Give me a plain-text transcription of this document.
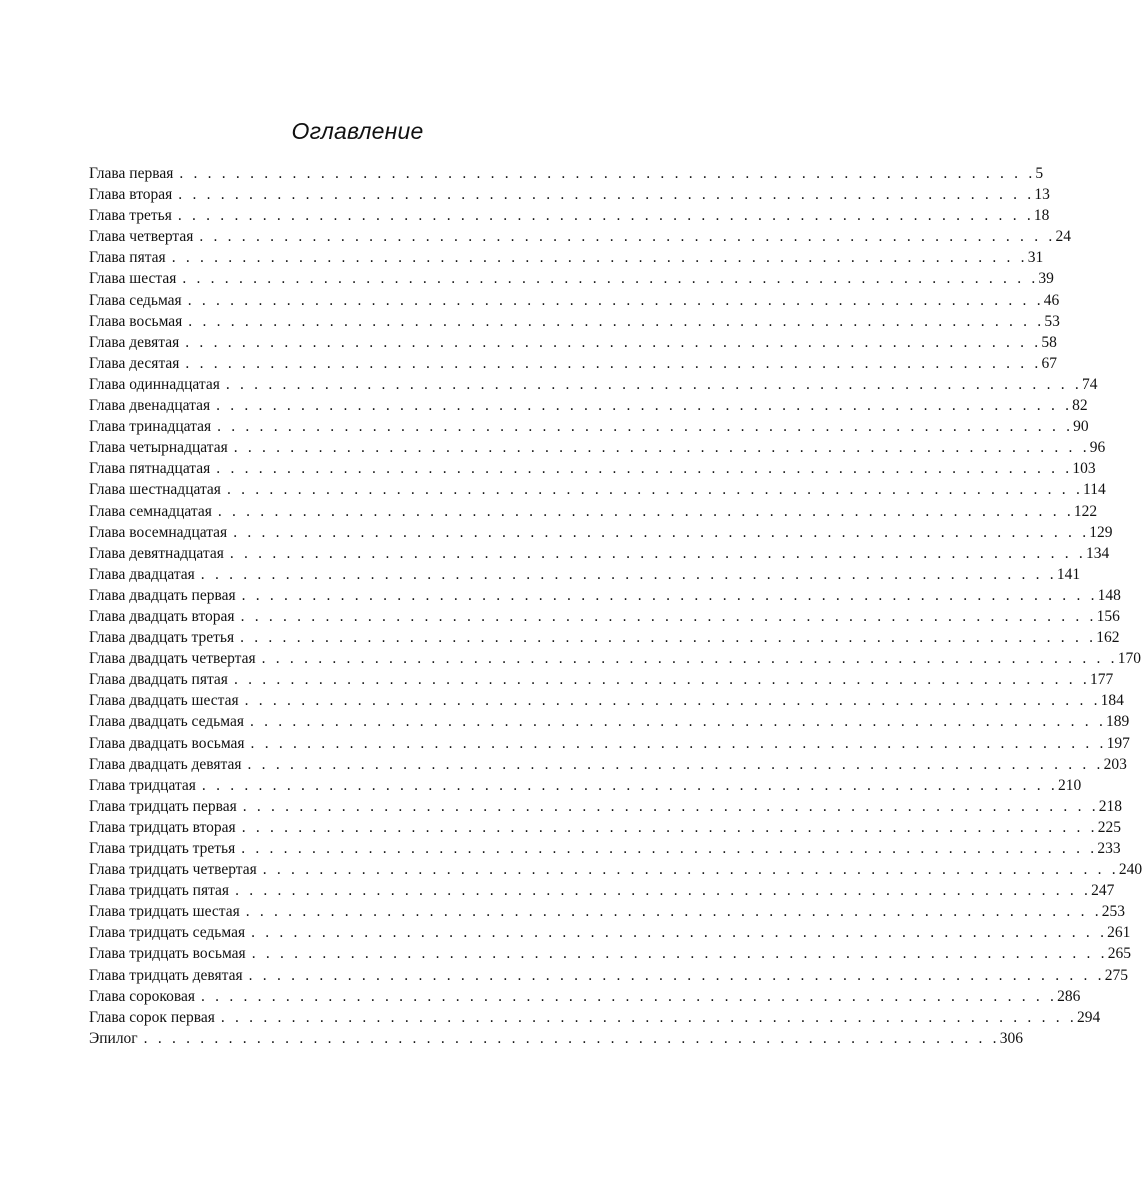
Оглавление
Глава первая . . . . . . . . . . . . . . . . . . . . . . . . . . . . . . . . . . . . . . . . . . . . . . . . . . . . . . . . . . . . . 5
Глава вторая . . . . . . . . . . . . . . . . . . . . . . . . . . . . . . . . . . . . . . . . . . . . . . . . . . . . . . . . . . . . . 13
Глава третья . . . . . . . . . . . . . . . . . . . . . . . . . . . . . . . . . . . . . . . . . . . . . . . . . . . . . . . . . . . . . 18
Глава четвертая . . . . . . . . . . . . . . . . . . . . . . . . . . . . . . . . . . . . . . . . . . . . . . . . . . . . . . . . . . . . . 24
Глава пятая . . . . . . . . . . . . . . . . . . . . . . . . . . . . . . . . . . . . . . . . . . . . . . . . . . . . . . . . . . . . . 31
Глава шестая . . . . . . . . . . . . . . . . . . . . . . . . . . . . . . . . . . . . . . . . . . . . . . . . . . . . . . . . . . . . . 39
Глава седьмая . . . . . . . . . . . . . . . . . . . . . . . . . . . . . . . . . . . . . . . . . . . . . . . . . . . . . . . . . . . . . 46
Глава восьмая . . . . . . . . . . . . . . . . . . . . . . . . . . . . . . . . . . . . . . . . . . . . . . . . . . . . . . . . . . . . . 53
Глава девятая . . . . . . . . . . . . . . . . . . . . . . . . . . . . . . . . . . . . . . . . . . . . . . . . . . . . . . . . . . . . . 58
Глава десятая . . . . . . . . . . . . . . . . . . . . . . . . . . . . . . . . . . . . . . . . . . . . . . . . . . . . . . . . . . . . . 67
Глава одиннадцатая . . . . . . . . . . . . . . . . . . . . . . . . . . . . . . . . . . . . . . . . . . . . . . . . . . . . . . . . . . . . . 74
Глава двенадцатая . . . . . . . . . . . . . . . . . . . . . . . . . . . . . . . . . . . . . . . . . . . . . . . . . . . . . . . . . . . . . 82
Глава тринадцатая . . . . . . . . . . . . . . . . . . . . . . . . . . . . . . . . . . . . . . . . . . . . . . . . . . . . . . . . . . . . . 90
Глава четырнадцатая . . . . . . . . . . . . . . . . . . . . . . . . . . . . . . . . . . . . . . . . . . . . . . . . . . . . . . . . . . . . . 96
Глава пятнадцатая . . . . . . . . . . . . . . . . . . . . . . . . . . . . . . . . . . . . . . . . . . . . . . . . . . . . . . . . . . . . . 103
Глава шестнадцатая . . . . . . . . . . . . . . . . . . . . . . . . . . . . . . . . . . . . . . . . . . . . . . . . . . . . . . . . . . . . . 114
Глава семнадцатая . . . . . . . . . . . . . . . . . . . . . . . . . . . . . . . . . . . . . . . . . . . . . . . . . . . . . . . . . . . . . 122
Глава восемнадцатая . . . . . . . . . . . . . . . . . . . . . . . . . . . . . . . . . . . . . . . . . . . . . . . . . . . . . . . . . . . . . 129
Глава девятнадцатая . . . . . . . . . . . . . . . . . . . . . . . . . . . . . . . . . . . . . . . . . . . . . . . . . . . . . . . . . . . . . 134
Глава двадцатая . . . . . . . . . . . . . . . . . . . . . . . . . . . . . . . . . . . . . . . . . . . . . . . . . . . . . . . . . . . . . 141
Глава двадцать первая . . . . . . . . . . . . . . . . . . . . . . . . . . . . . . . . . . . . . . . . . . . . . . . . . . . . . . . . . . . . . 148
Глава двадцать вторая . . . . . . . . . . . . . . . . . . . . . . . . . . . . . . . . . . . . . . . . . . . . . . . . . . . . . . . . . . . . . 156
Глава двадцать третья . . . . . . . . . . . . . . . . . . . . . . . . . . . . . . . . . . . . . . . . . . . . . . . . . . . . . . . . . . . . . 162
Глава двадцать четвертая . . . . . . . . . . . . . . . . . . . . . . . . . . . . . . . . . . . . . . . . . . . . . . . . . . . . . . . . . . . . . 170
Глава двадцать пятая . . . . . . . . . . . . . . . . . . . . . . . . . . . . . . . . . . . . . . . . . . . . . . . . . . . . . . . . . . . . . 177
Глава двадцать шестая . . . . . . . . . . . . . . . . . . . . . . . . . . . . . . . . . . . . . . . . . . . . . . . . . . . . . . . . . . . . . 184
Глава двадцать седьмая . . . . . . . . . . . . . . . . . . . . . . . . . . . . . . . . . . . . . . . . . . . . . . . . . . . . . . . . . . . . . 189
Глава двадцать восьмая . . . . . . . . . . . . . . . . . . . . . . . . . . . . . . . . . . . . . . . . . . . . . . . . . . . . . . . . . . . . . 197
Глава двадцать девятая . . . . . . . . . . . . . . . . . . . . . . . . . . . . . . . . . . . . . . . . . . . . . . . . . . . . . . . . . . . . . 203
Глава тридцатая . . . . . . . . . . . . . . . . . . . . . . . . . . . . . . . . . . . . . . . . . . . . . . . . . . . . . . . . . . . . . 210
Глава тридцать первая . . . . . . . . . . . . . . . . . . . . . . . . . . . . . . . . . . . . . . . . . . . . . . . . . . . . . . . . . . . . . 218
Глава тридцать вторая . . . . . . . . . . . . . . . . . . . . . . . . . . . . . . . . . . . . . . . . . . . . . . . . . . . . . . . . . . . . . 225
Глава тридцать третья . . . . . . . . . . . . . . . . . . . . . . . . . . . . . . . . . . . . . . . . . . . . . . . . . . . . . . . . . . . . . 233
Глава тридцать четвертая . . . . . . . . . . . . . . . . . . . . . . . . . . . . . . . . . . . . . . . . . . . . . . . . . . . . . . . . . . . . . 240
Глава тридцать пятая . . . . . . . . . . . . . . . . . . . . . . . . . . . . . . . . . . . . . . . . . . . . . . . . . . . . . . . . . . . . . 247
Глава тридцать шестая . . . . . . . . . . . . . . . . . . . . . . . . . . . . . . . . . . . . . . . . . . . . . . . . . . . . . . . . . . . . . 253
Глава тридцать седьмая . . . . . . . . . . . . . . . . . . . . . . . . . . . . . . . . . . . . . . . . . . . . . . . . . . . . . . . . . . . . . 261
Глава тридцать восьмая . . . . . . . . . . . . . . . . . . . . . . . . . . . . . . . . . . . . . . . . . . . . . . . . . . . . . . . . . . . . . 265
Глава тридцать девятая . . . . . . . . . . . . . . . . . . . . . . . . . . . . . . . . . . . . . . . . . . . . . . . . . . . . . . . . . . . . . 275
Глава сороковая . . . . . . . . . . . . . . . . . . . . . . . . . . . . . . . . . . . . . . . . . . . . . . . . . . . . . . . . . . . . . 286
Глава сорок первая . . . . . . . . . . . . . . . . . . . . . . . . . . . . . . . . . . . . . . . . . . . . . . . . . . . . . . . . . . . . . 294
Эпилог . . . . . . . . . . . . . . . . . . . . . . . . . . . . . . . . . . . . . . . . . . . . . . . . . . . . . . . . . . . . . 306
